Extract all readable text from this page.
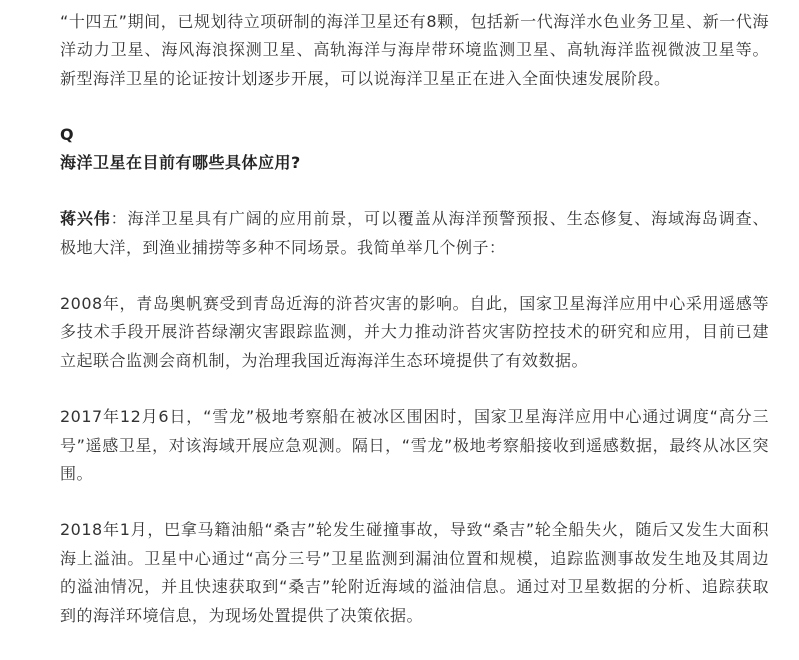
“十四五”期间，已规划待立项研制的海洋卫星还有8颗，包括新一代海洋水色业务卫星、新一代海洋动力卫星、海风海浪探测卫星、高轨海洋与海岸带环境监测卫星、高轨海洋监视微波卫星等。新型海洋卫星的论证按计划逐步开展，可以说海洋卫星正在进入全面快速发展阶段。

Q

海洋卫星在目前有哪些具体应用?

蒋兴伟：海洋卫星具有广阔的应用前景，可以覆盖从海洋预警预报、生态修复、海域海岛调查、极地大洋，到渔业捕捞等多种不同场景。我简单举几个例子：

2008年，青岛奥帆赛受到青岛近海的浒苔灾害的影响。自此，国家卫星海洋应用中心采用遥感等多技术手段开展浒苔绿潮灾害跟踪监测，并大力推动浒苔灾害防控技术的研究和应用，目前已建立起联合监测会商机制，为治理我国近海海洋生态环境提供了有效数据。

2017年12月6日，“雪龙”极地考察船在被冰区围困时，国家卫星海洋应用中心通过调度“高分三号”遥感卫星，对该海域开展应急观测。隔日，“雪龙”极地考察船接收到遥感数据，最终从冰区突围。

2018年1月，巴拿马籍油船“桑吉”轮发生碰撞事故，导致“桑吉”轮全船失火，随后又发生大面积海上溢油。卫星中心通过“高分三号”卫星监测到漏油位置和规模，追踪监测事故发生地及其周边的溢油情况，并且快速获取到“桑吉”轮附近海域的溢油信息。通过对卫星数据的分析、追踪获取到的海洋环境信息，为现场处置提供了决策依据。
